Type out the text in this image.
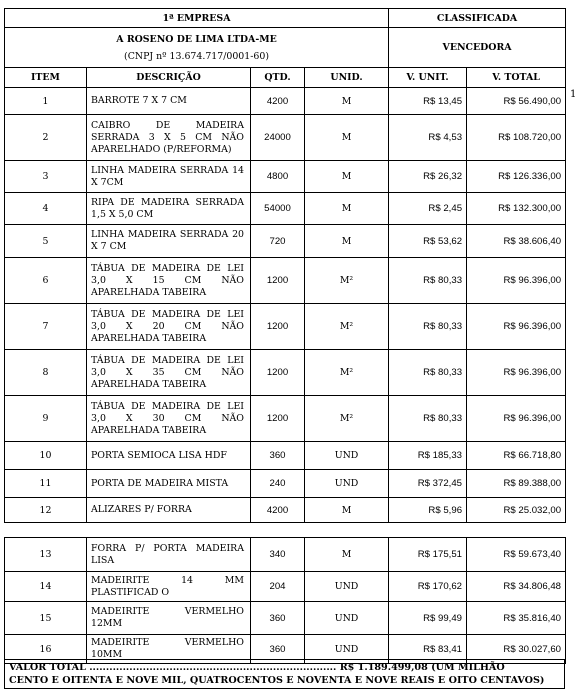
1
1ª EMPRESA				CLASSIFICADA	

A ROSENO DE LIMA LTDA-ME
(CNPJ nº 13.674.717/0001-60)				VENCEDORA	
ITEM	DESCRIÇÃO	QTD.	UNID.	V. UNIT.	V. TOTAL
1	BARROTE 7 X 7 CM	4200	M	R$ 13,45	R$ 56.490,00
2	CAIBRO DE MADEIRA SERRADA 3 X 5 CM NÃO APARELHADO (P/REFORMA)	24000	M	R$ 4,53	R$ 108.720,00
3	LINHA MADEIRA SERRADA 14 X 7CM	4800	M	R$ 26,32	R$ 126.336,00
4	RIPA DE MADEIRA SERRADA 1,5 X 5,0 CM	54000	M	R$ 2,45	R$ 132.300,00
5	LINHA MADEIRA SERRADA 20 X 7 CM	720	M	R$ 53,62	R$ 38.606,40
6	TÁBUA DE MADEIRA DE LEI 3,0 X 15 CM NÃO APARELHADA TABEIRA	1200	M²	R$ 80,33	R$ 96.396,00
7	TÁBUA DE MADEIRA DE LEI 3,0 X 20 CM NÃO APARELHADA TABEIRA	1200	M²	R$ 80,33	R$ 96.396,00
8	TÁBUA DE MADEIRA DE LEI 3,0 X 35 CM NÃO APARELHADA TABEIRA	1200	M²	R$ 80,33	R$ 96.396,00
9	TÁBUA DE MADEIRA DE LEI 3,0 X 30 CM NÃO APARELHADA TABEIRA	1200	M²	R$ 80,33	R$ 96.396,00
10	PORTA SEMIOCA LISA HDF	360	UND	R$ 185,33	R$ 66.718,80
11	PORTA DE MADEIRA MISTA	240	UND	R$ 372,45	R$ 89.388,00
12	ALIZARES P/ FORRA	4200	M	R$ 5,96	R$ 25.032,00
13	FORRA P/ PORTA MADEIRA LISA	340	M	R$ 175,51	R$ 59.673,40
14	MADEIRITE 14 MM PLASTIFICAD O	204	UND	R$ 170,62	R$ 34.806,48
15	MADEIRITE VERMELHO 12MM	360	UND	R$ 99,49	R$ 35.816,40
16	MADEIRITE VERMELHO 10MM	360	UND	R$ 83,41	R$ 30.027,60
VALOR TOTAL .......................................................................... R$ 1.189.499,08 (UM MILHÃO
CENTO E OITENTA E NOVE MIL, QUATROCENTOS E NOVENTA E NOVE REAIS E OITO CENTAVOS)
